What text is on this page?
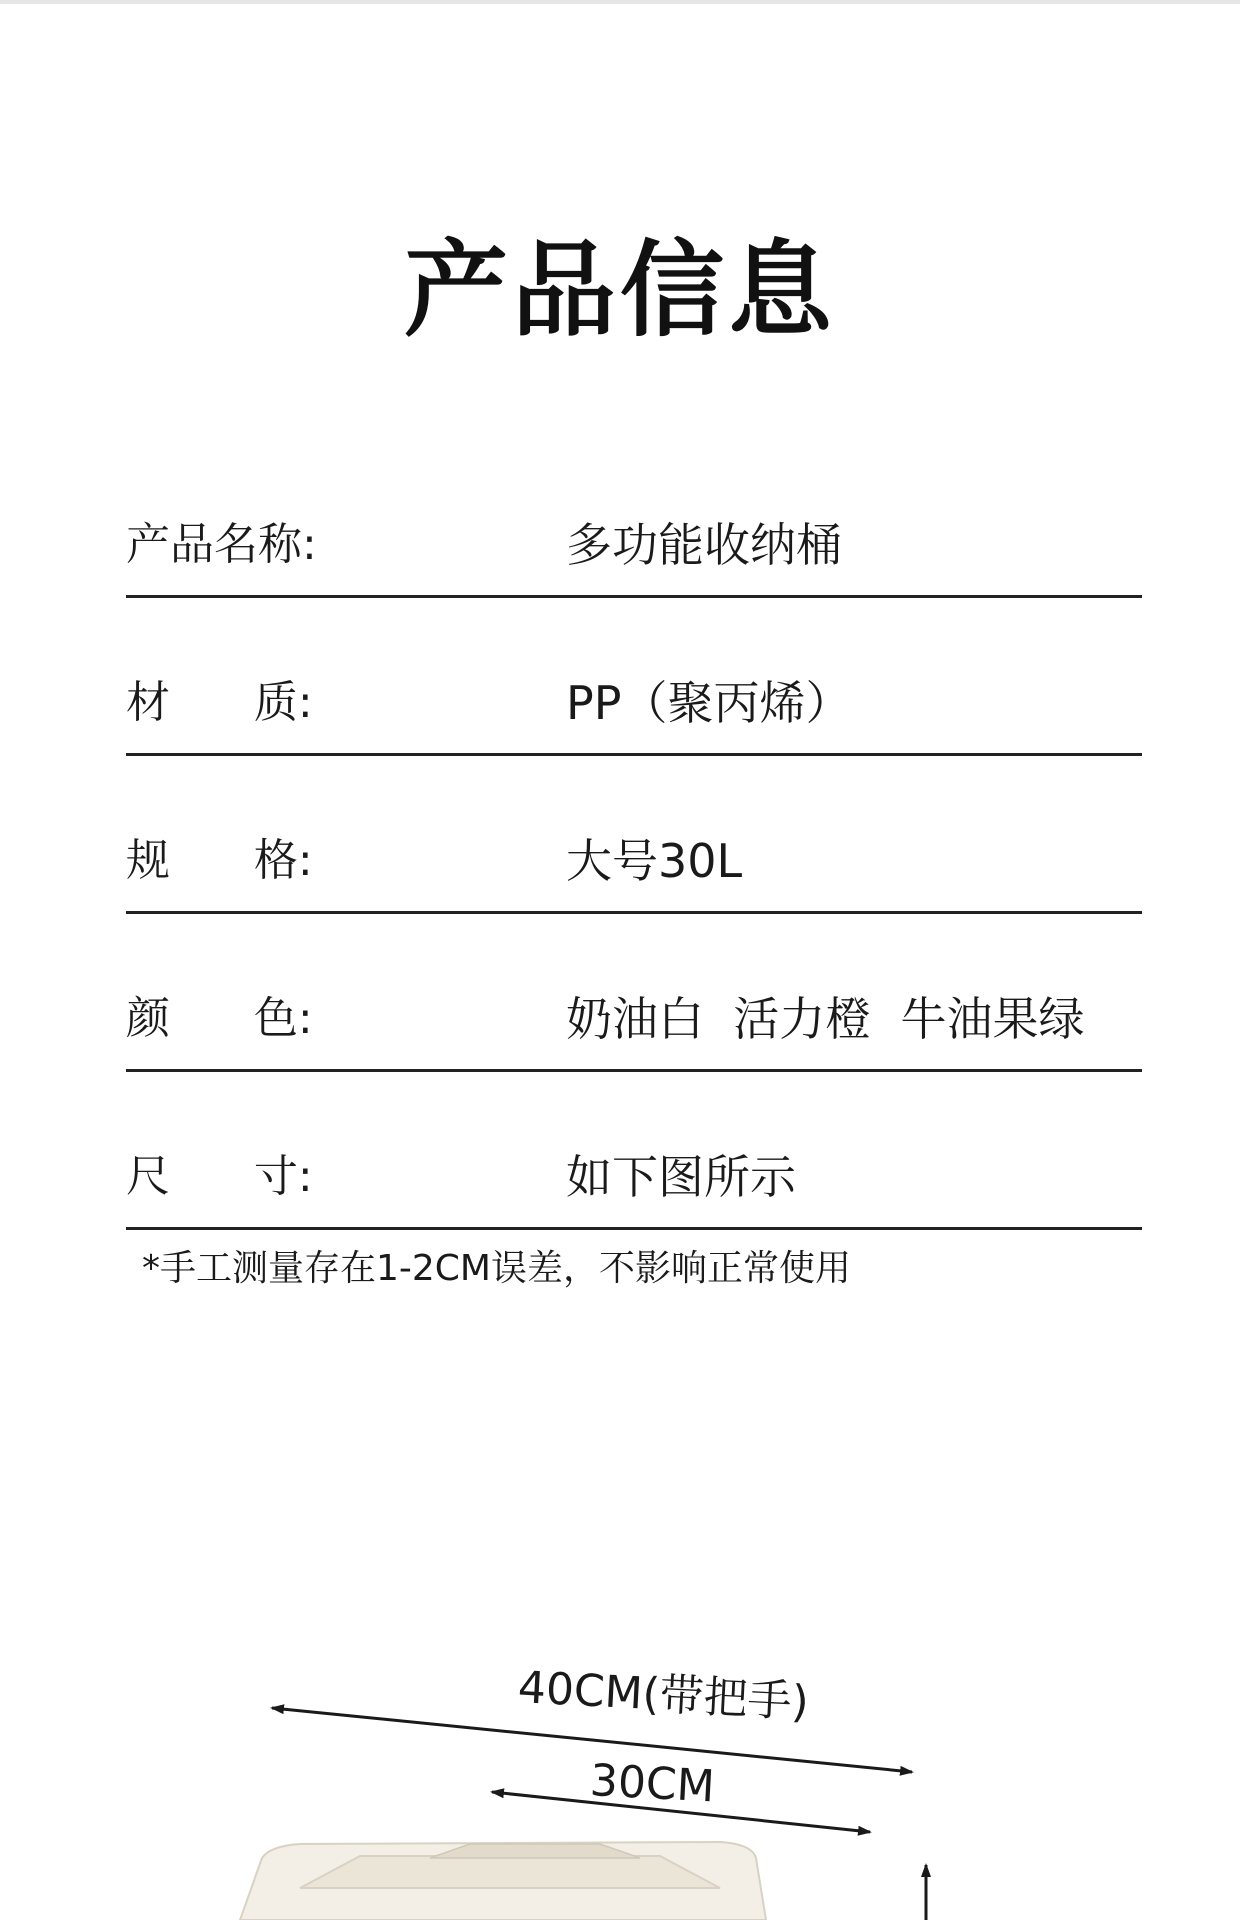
产品信息
产品名称:	多功能收纳桶
材      质:	PP（聚丙烯）
规      格:	大号30L
颜      色:	奶油白  活力橙  牛油果绿
尺      寸:	如下图所示
*手工测量存在1-2CM误差，不影响正常使用
40CM(带把手)
30CM
